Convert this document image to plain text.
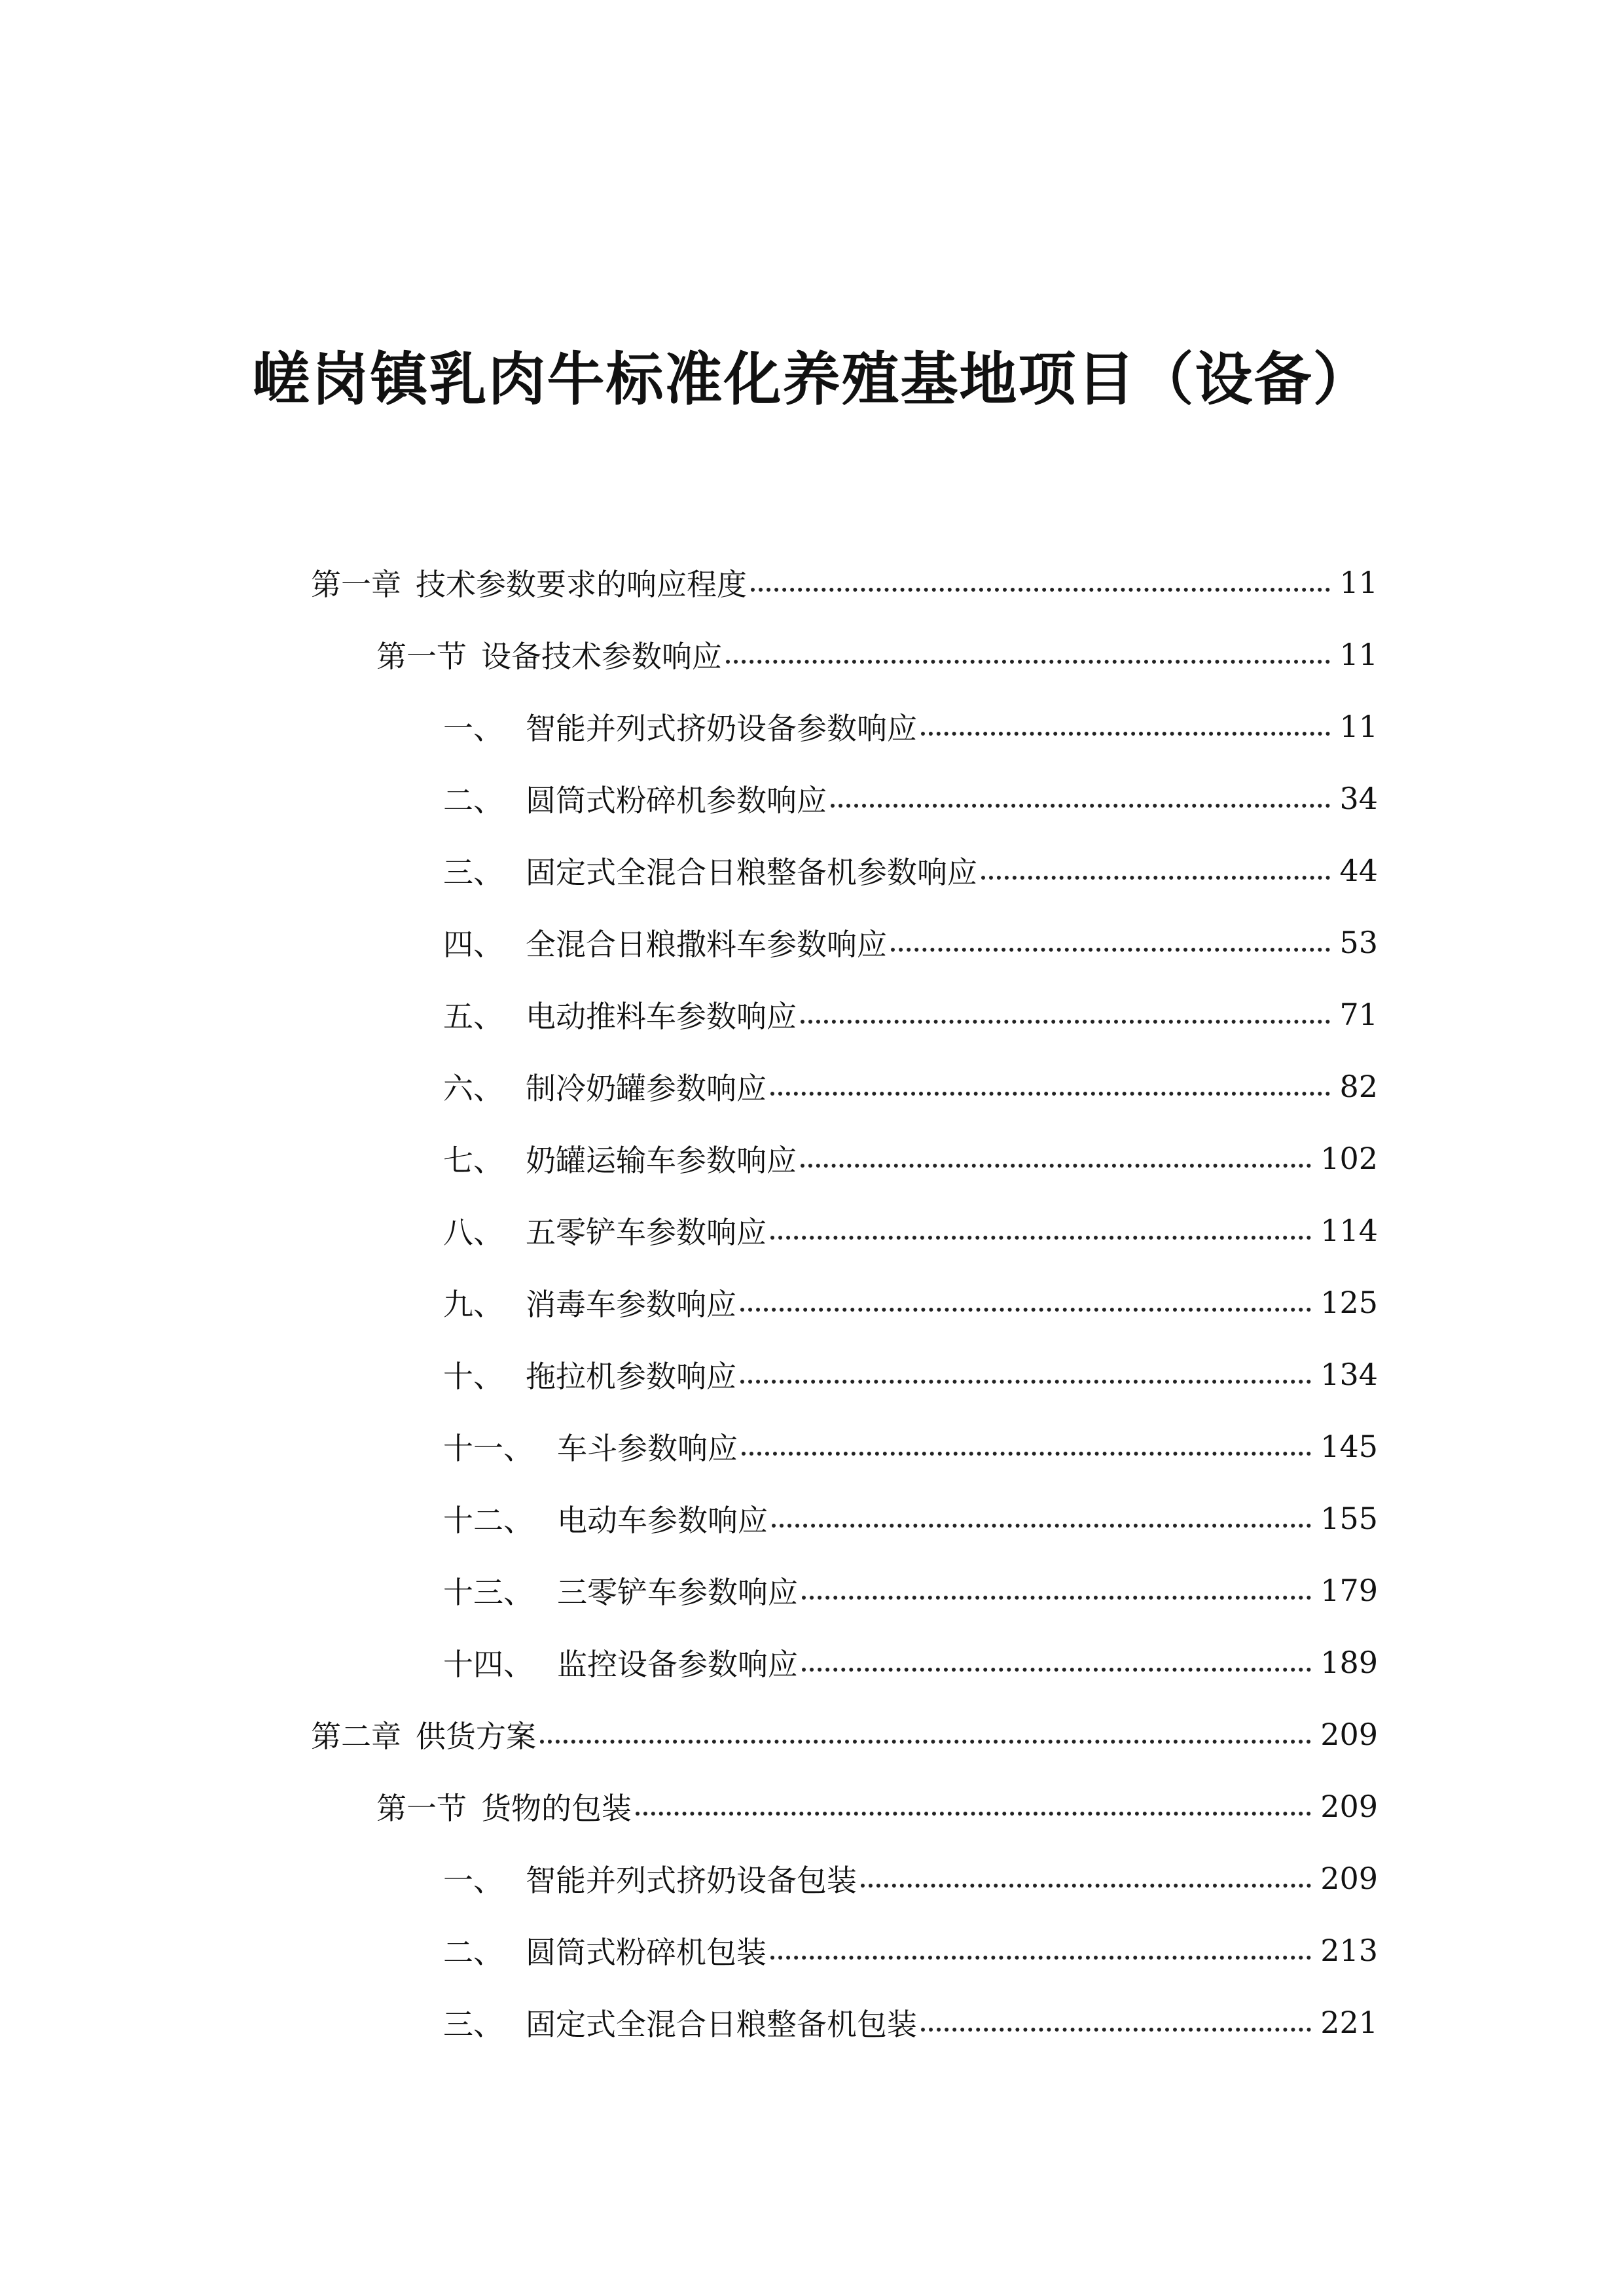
嵯岗镇乳肉牛标准化养殖基地项目（设备）
第一章 技术参数要求的响应程度	11
第一节 设备技术参数响应	11
一、 智能并列式挤奶设备参数响应	11
二、 圆筒式粉碎机参数响应	34
三、 固定式全混合日粮整备机参数响应	44
四、 全混合日粮撒料车参数响应	53
五、 电动推料车参数响应	71
六、 制冷奶罐参数响应	82
七、 奶罐运输车参数响应	102
八、 五零铲车参数响应	114
九、 消毒车参数响应	125
十、 拖拉机参数响应	134
十一、 车斗参数响应	145
十二、 电动车参数响应	155
十三、 三零铲车参数响应	179
十四、 监控设备参数响应	189
第二章 供货方案	209
第一节 货物的包装	209
一、 智能并列式挤奶设备包装	209
二、 圆筒式粉碎机包装	213
三、 固定式全混合日粮整备机包装	221
